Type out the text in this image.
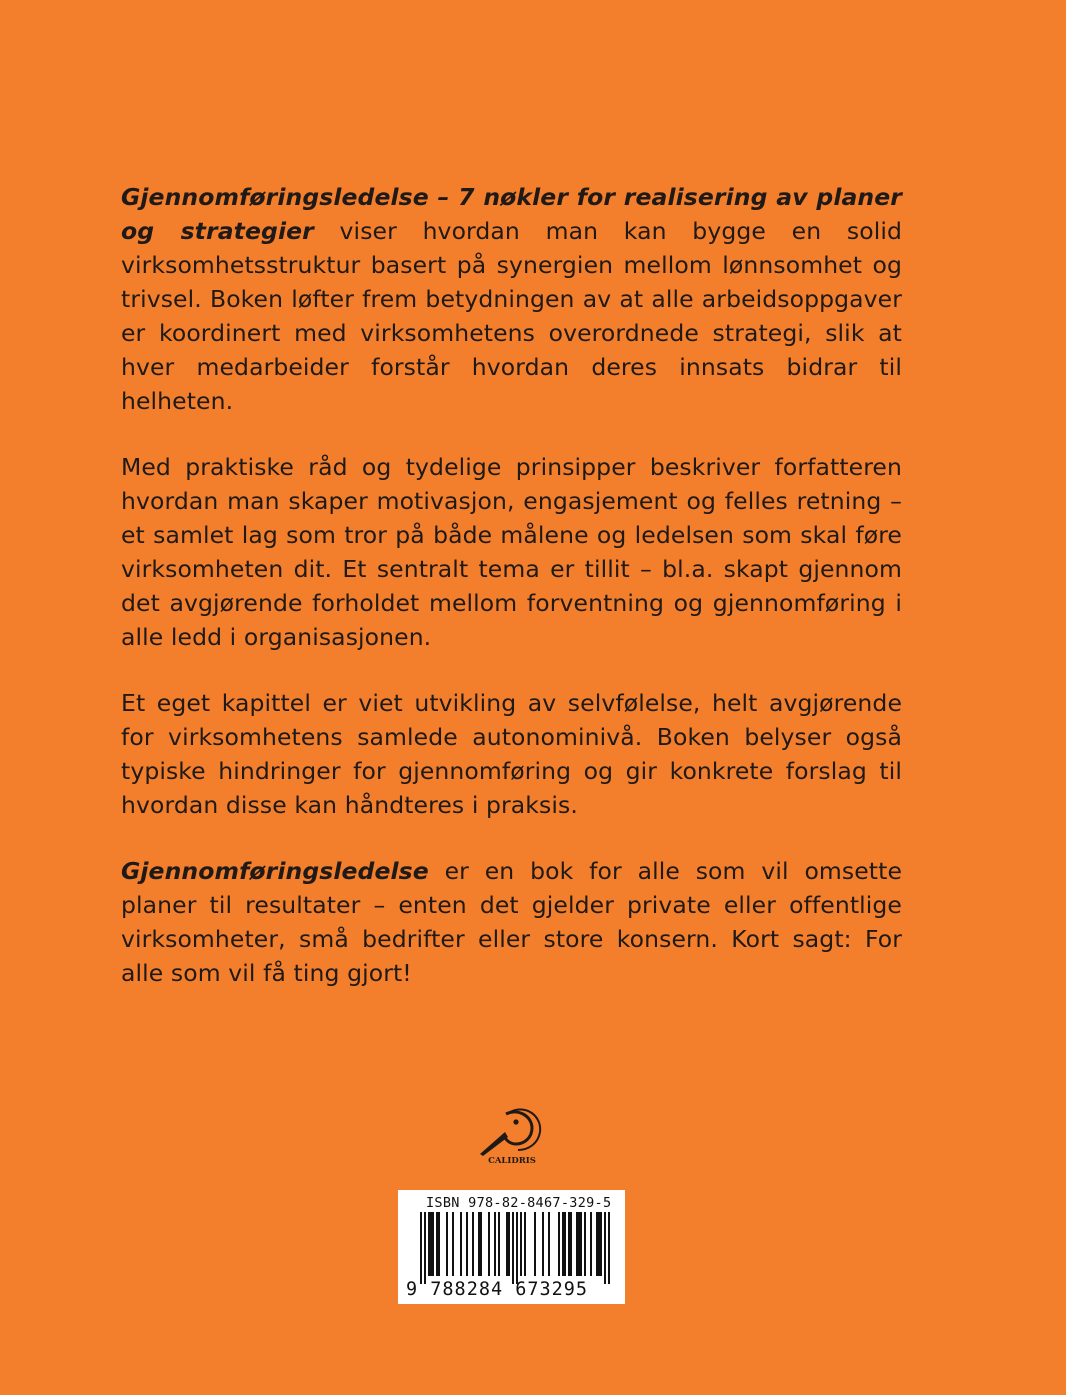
Gjennomføringsledelse – 7 nøkler for realisering av planer og strategier viser hvordan man kan bygge en solid virksomhetsstruktur basert på synergien mellom lønnsomhet og trivsel. Boken løfter frem betydningen av at alle arbeidsoppgaver er koordinert med virksomhetens overordnede strategi, slik at hver medarbeider forstår hvordan deres innsats bidrar til helheten.

Med praktiske råd og tydelige prinsipper beskriver forfatteren hvordan man skaper motivasjon, engasjement og felles retning – et samlet lag som tror på både målene og ledelsen som skal føre virksomheten dit. Et sentralt tema er tillit – bl.a. skapt gjennom det avgjørende forholdet mellom forventning og gjennomføring i alle ledd i organisasjonen.

Et eget kapittel er viet utvikling av selvfølelse, helt avgjørende for virksomhetens samlede autonominivå. Boken belyser også typiske hindringer for gjennomføring og gir konkrete forslag til hvordan disse kan håndteres i praksis.

Gjennomføringsledelse er en bok for alle som vil omsette planer til resultater – enten det gjelder private eller offentlige virksomheter, små bedrifter eller store konsern. Kort sagt: For alle som vil få ting gjort!

CALIDRIS
ISBN 978-82-8467-329-5
9 788284 673295
